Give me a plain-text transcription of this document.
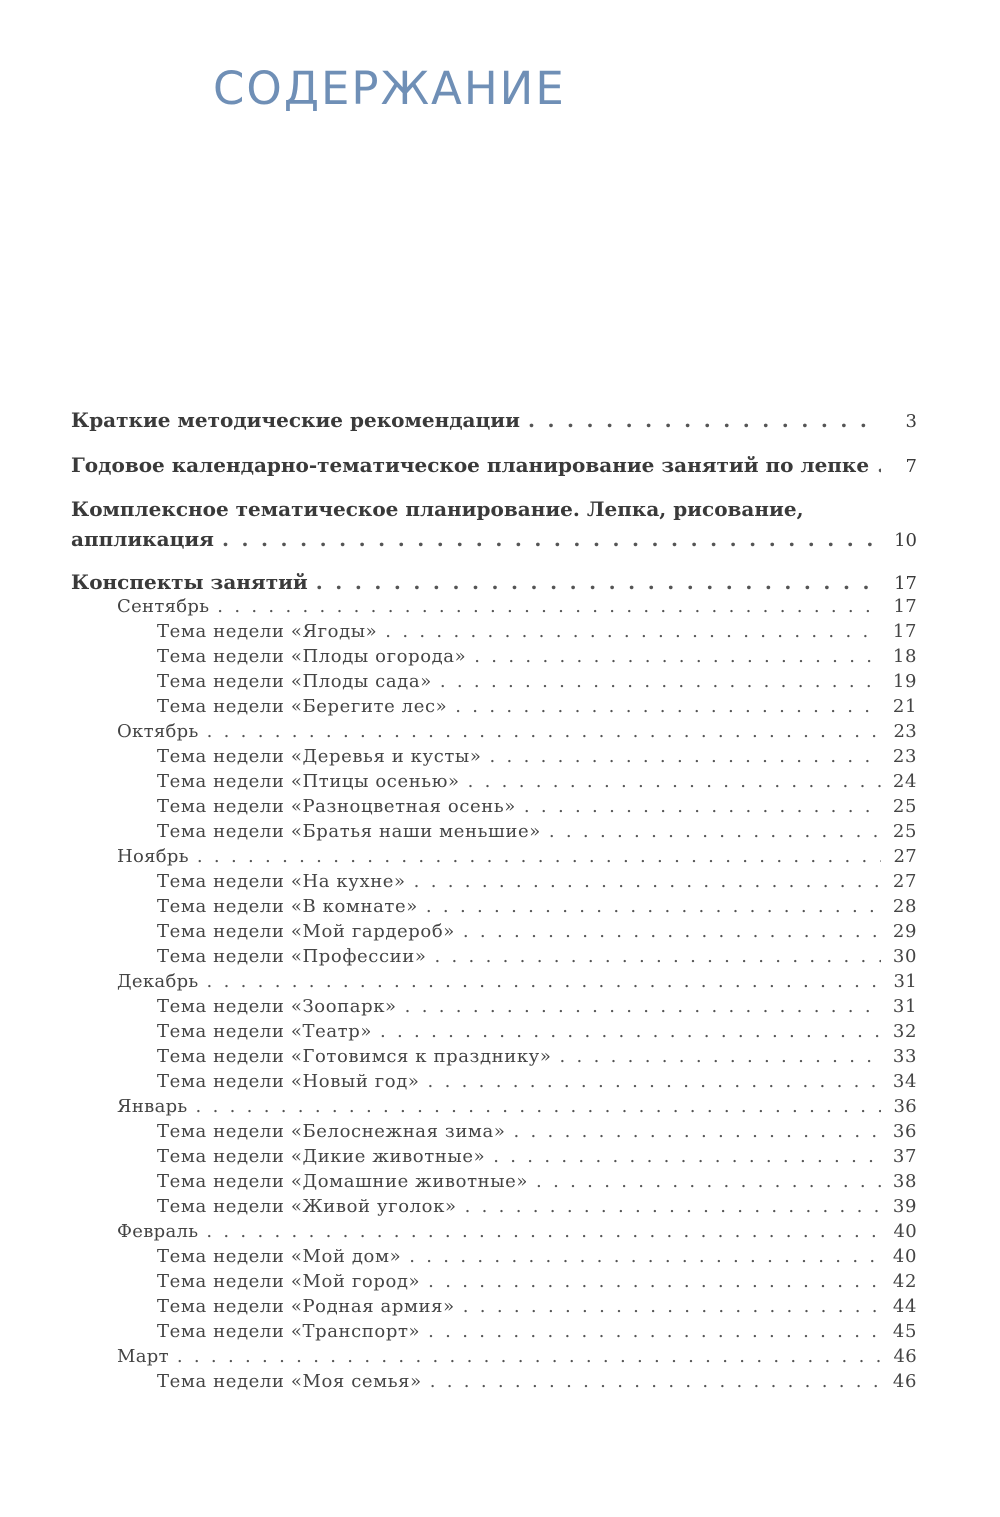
СОДЕРЖАНИЕ
Краткие методические рекомендации . . .	3
Годовое календарно-тематическое планирование занятий по лепке . . .	7
Комплексное тематическое планирование. Лепка, рисование,
аппликация . . .	10
Конспекты занятий . . .	17
Сентябрь . . .	17
Тема недели «Ягоды» . . .	17
Тема недели «Плоды огорода» . . .	18
Тема недели «Плоды сада» . . .	19
Тема недели «Берегите лес» . . .	21
Октябрь . . .	23
Тема недели «Деревья и кусты» . . .	23
Тема недели «Птицы осенью» . . .	24
Тема недели «Разноцветная осень» . . .	25
Тема недели «Братья наши меньшие» . . .	25
Ноябрь . . .	27
Тема недели «На кухне» . . .	27
Тема недели «В комнате» . . .	28
Тема недели «Мой гардероб» . . .	29
Тема недели «Профессии» . . .	30
Декабрь . . .	31
Тема недели «Зоопарк» . . .	31
Тема недели «Театр» . . .	32
Тема недели «Готовимся к празднику» . . .	33
Тема недели «Новый год» . . .	34
Январь . . .	36
Тема недели «Белоснежная зима» . . .	36
Тема недели «Дикие животные» . . .	37
Тема недели «Домашние животные» . . .	38
Тема недели «Живой уголок» . . .	39
Февраль . . .	40
Тема недели «Мой дом» . . .	40
Тема недели «Мой город» . . .	42
Тема недели «Родная армия» . . .	44
Тема недели «Транспорт» . . .	45
Март . . .	46
Тема недели «Моя семья» . . .	46
